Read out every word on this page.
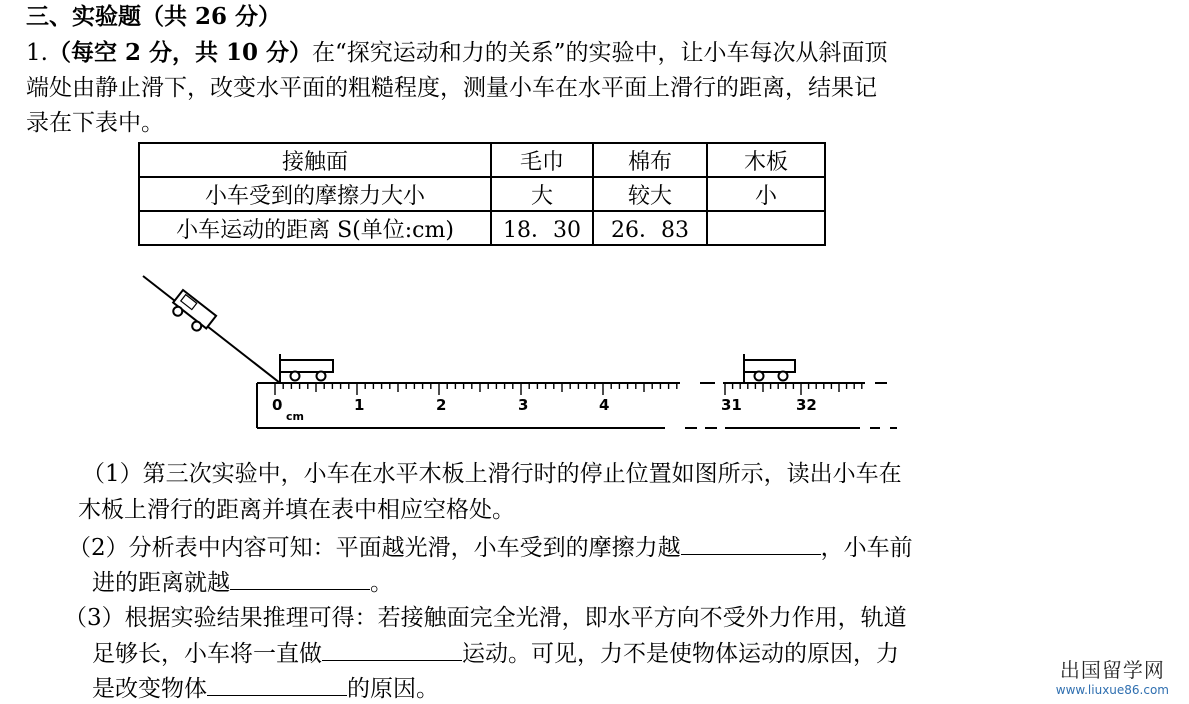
三、实验题（共 26 分）
1.（每空 2 分，共 10 分）在“探究运动和力的关系”的实验中，让小车每次从斜面顶
端处由静止滑下，改变水平面的粗糙程度，测量小车在水平面上滑行的距离，结果记
录在下表中。
接触面	毛巾	棉布	木板
小车受到的摩擦力大小	大	较大	小
小车运动的距离 S(单位:cm)	18．30	26．83	
0
cm
1	2	3	4	31	32
（1）第三次实验中，小车在水平木板上滑行时的停止位置如图所示，读出小车在
木板上滑行的距离并填在表中相应空格处。
（2）分析表中内容可知：平面越光滑，小车受到的摩擦力越	，小车前
进的距离就越	。
（3）根据实验结果推理可得：若接触面完全光滑，即水平方向不受外力作用，轨道
足够长，小车将一直做	运动。可见，力不是使物体运动的原因，力
是改变物体	的原因。
出国留学网
www.liuxue86.com
